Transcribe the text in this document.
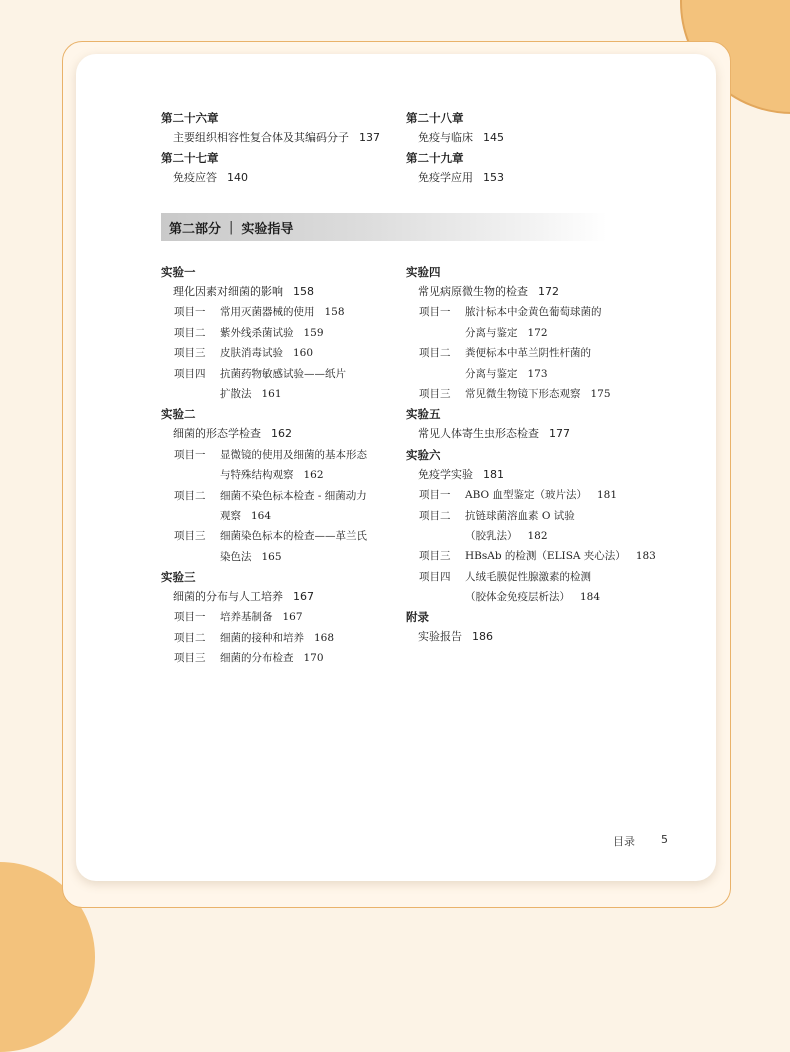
第二十六章
主要组织相容性复合体及其编码分子 137
第二十七章
免疫应答 140
第二十八章
免疫与临床 145
第二十九章
免疫学应用 153
第二部分 | 实验指导
实验一
理化因素对细菌的影响 158
项目一	常用灭菌器械的使用 158
项目二	紫外线杀菌试验 159
项目三	皮肤消毒试验 160
项目四	抗菌药物敏感试验——纸片
扩散法 161
实验二
细菌的形态学检查 162
项目一	显微镜的使用及细菌的基本形态
与特殊结构观察 162
项目二	细菌不染色标本检查 - 细菌动力
观察 164
项目三	细菌染色标本的检查——革兰氏
染色法 165
实验三
细菌的分布与人工培养 167
项目一	培养基制备 167
项目二	细菌的接种和培养 168
项目三	细菌的分布检查 170
实验四
常见病原微生物的检查 172
项目一	脓汁标本中金黄色葡萄球菌的
分离与鉴定 172
项目二	粪便标本中革兰阴性杆菌的
分离与鉴定 173
项目三	常见微生物镜下形态观察 175
实验五
常见人体寄生虫形态检查 177
实验六
免疫学实验 181
项目一	ABO 血型鉴定（玻片法） 181
项目二	抗链球菌溶血素 O 试验
（胶乳法） 182
项目三	HBsAb 的检测（ELISA 夹心法） 183
项目四	人绒毛膜促性腺激素的检测
（胶体金免疫层析法） 184
附录
实验报告 186
目录 5
